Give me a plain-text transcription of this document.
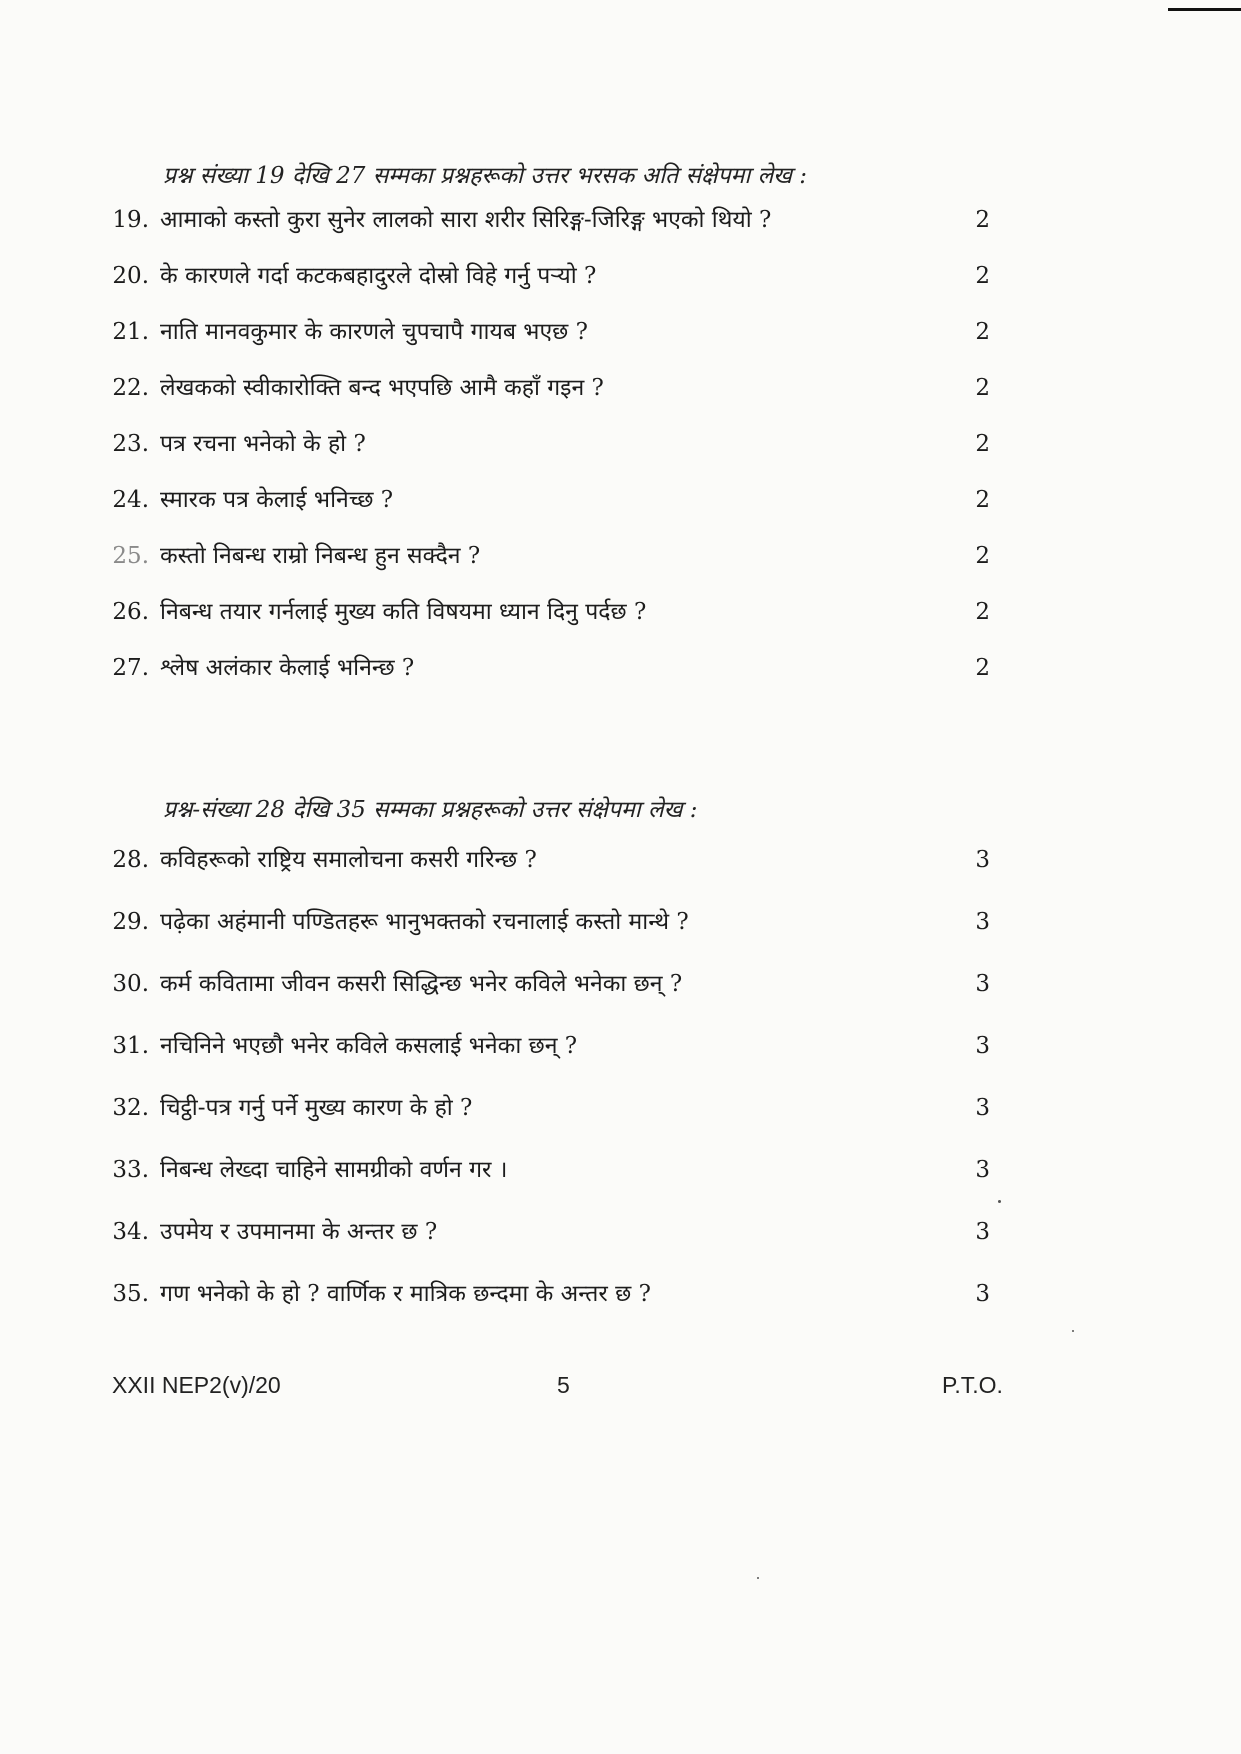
प्रश्न संख्या 19 देखि 27 सम्मका प्रश्नहरूको उत्तर भरसक अति संक्षेपमा लेख :
19. आमाको कस्तो कुरा सुनेर लालको सारा शरीर सिरिङ्ग-जिरिङ्ग भएको थियो ?	2
20. के कारणले गर्दा कटकबहादुरले दोस्रो विहे गर्नु पर्‍यो ?	2
21. नाति मानवकुमार के कारणले चुपचापै गायब भएछ ?	2
22. लेखकको स्वीकारोक्ति बन्द भएपछि आमै कहाँ गइन ?	2
23. पत्र रचना भनेको के हो ?	2
24. स्मारक पत्र केलाई भनिच्छ ?	2
25. कस्तो निबन्ध राम्रो निबन्ध हुन सक्दैन ?	2
26. निबन्ध तयार गर्नलाई मुख्य कति विषयमा ध्यान दिनु पर्दछ ?	2
27. श्लेष अलंकार केलाई भनिन्छ ?	2
प्रश्न-संख्या 28 देखि 35 सम्मका प्रश्नहरूको उत्तर संक्षेपमा लेख :
28. कविहरूको राष्ट्रिय समालोचना कसरी गरिन्छ ?	3
29. पढ़ेका अहंमानी पण्डितहरू भानुभक्तको रचनालाई कस्तो मान्थे ?	3
30. कर्म कवितामा जीवन कसरी सिद्धिन्छ भनेर कविले भनेका छन् ?	3
31. नचिनिने भएछौ भनेर कविले कसलाई भनेका छन् ?	3
32. चिट्ठी-पत्र गर्नु पर्ने मुख्य कारण के हो ?	3
33. निबन्ध लेख्दा चाहिने सामग्रीको वर्णन गर ।	3
34. उपमेय र उपमानमा के अन्तर छ ?	3
35. गण भनेको के हो ? वार्णिक र मात्रिक छन्दमा के अन्तर छ ?	3
XXII NEP2(v)/20	5	P.T.O.
